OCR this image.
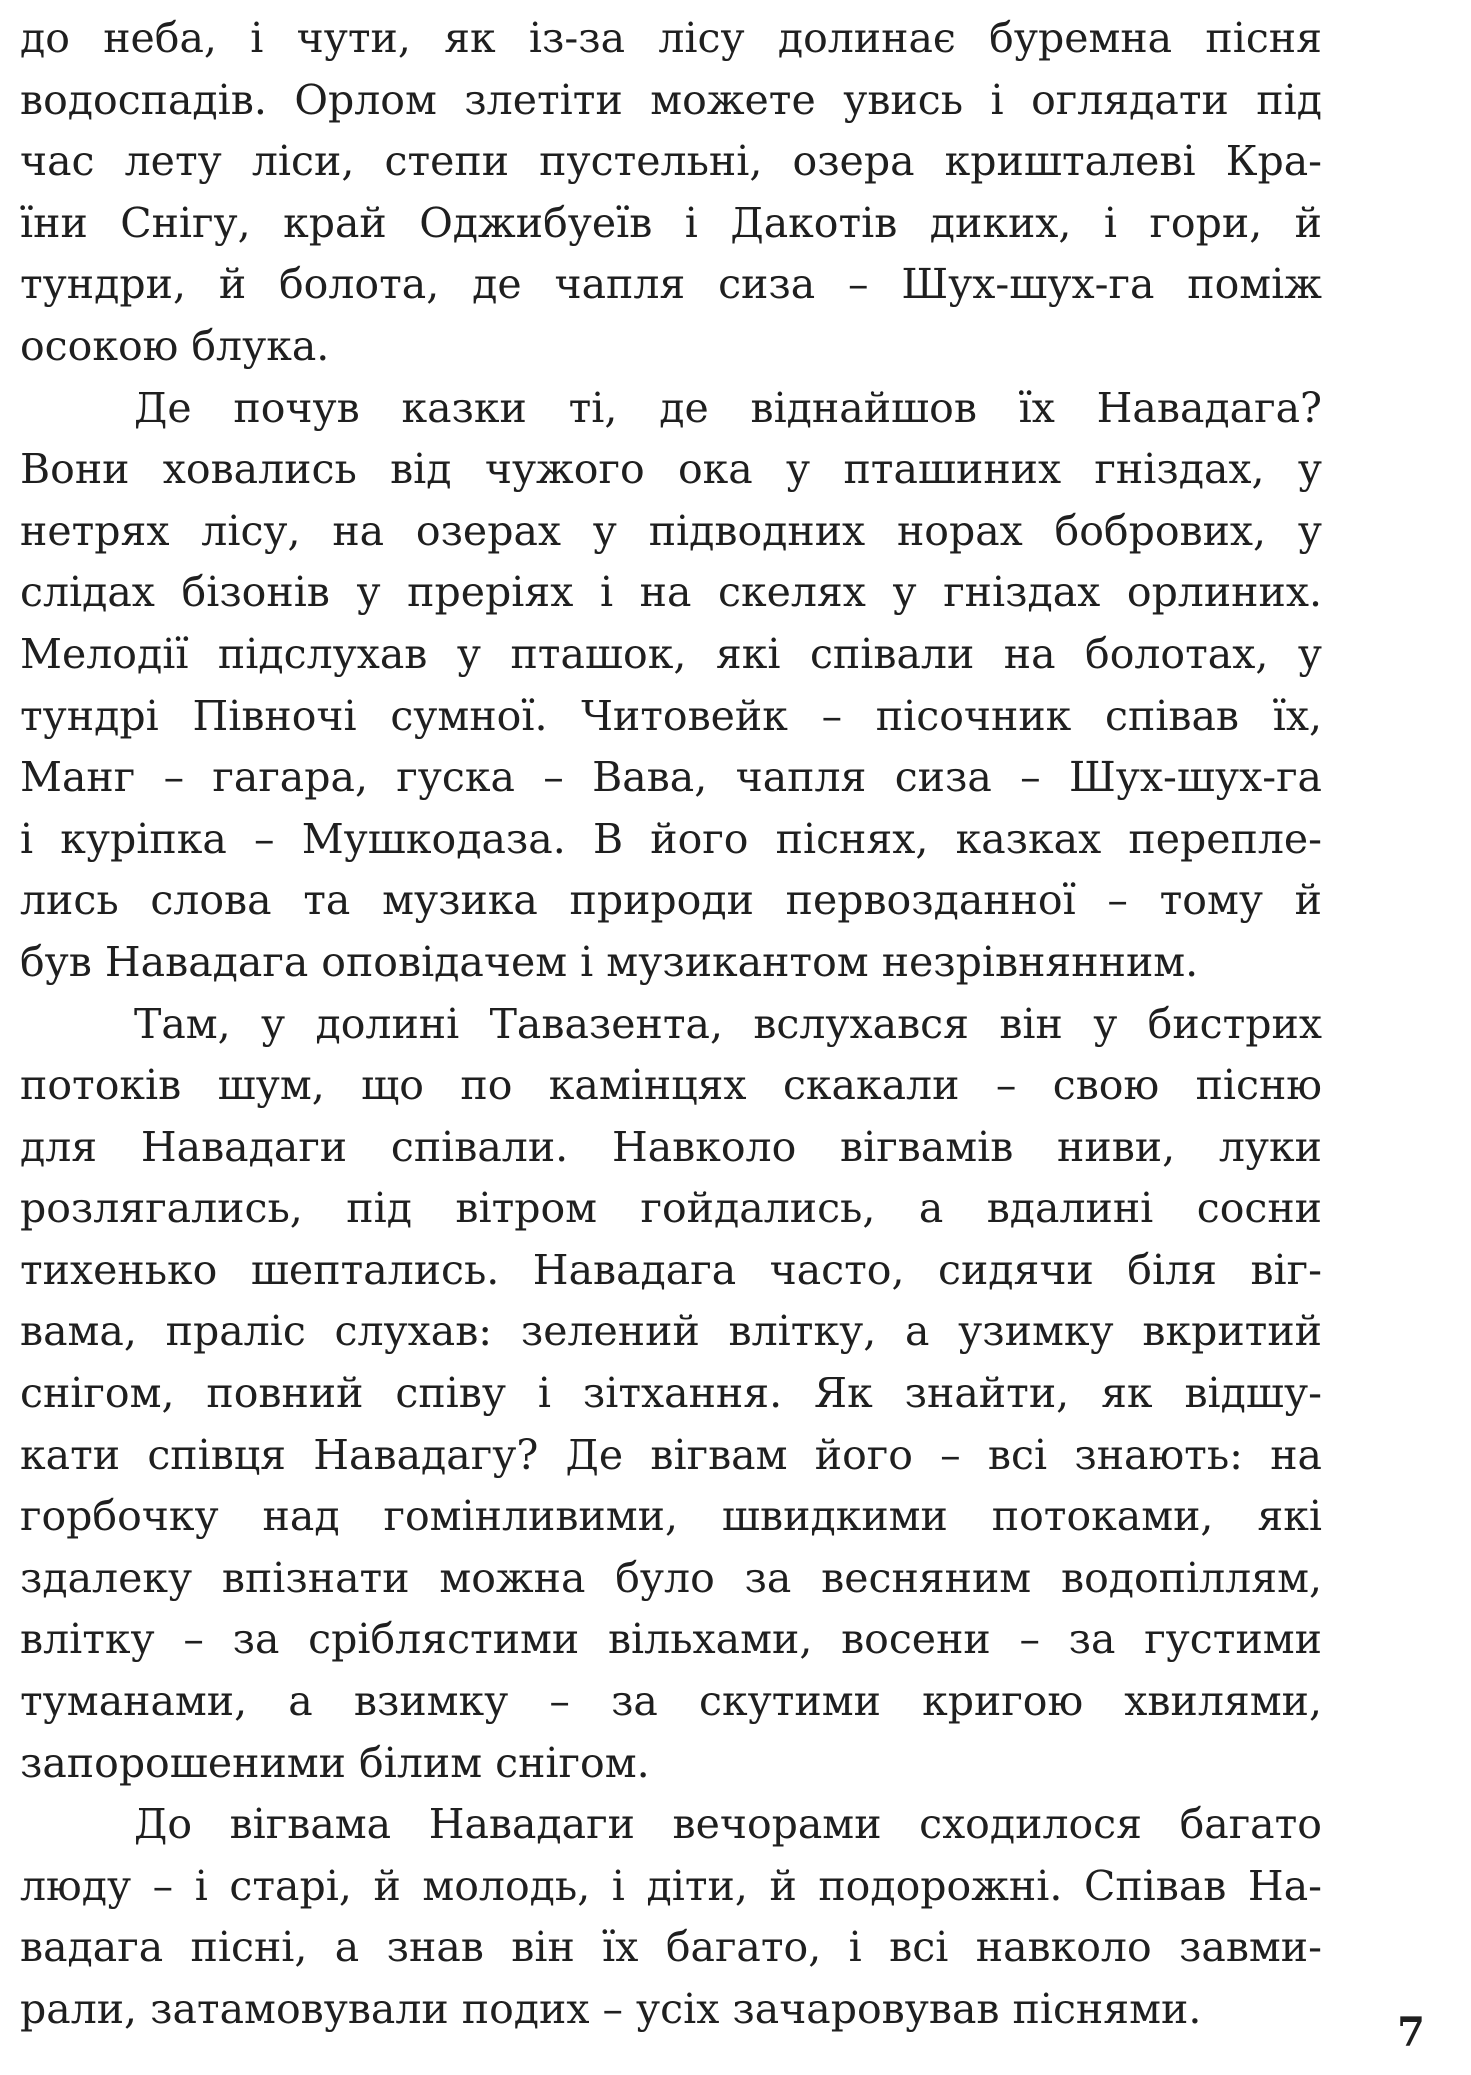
до неба, і чути, як із-за лісу долинає буремна пісня
водоспадів. Орлом злетіти можете увись і оглядати під
час лету ліси, степи пустельні, озера кришталеві Кра-
їни Снігу, край Оджибуеїв і Дакотів диких, і гори, й
тундри, й болота, де чапля сиза – Шух-шух-га поміж
осокою блука.
Де почув казки ті, де віднайшов їх Навадага?
Вони ховались від чужого ока у пташиних гніздах, у
нетрях лісу, на озерах у підводних норах бобрових, у
слідах бізонів у преріях і на скелях у гніздах орлиних.
Мелодії підслухав у пташок, які співали на болотах, у
тундрі Півночі сумної. Читовейк – пісочник співав їх,
Манг – гагара, гуска – Вава, чапля сиза – Шух-шух-га
і куріпка – Мушкодаза. В його піснях, казках перепле-
лись слова та музика природи первозданної – тому й
був Навадага оповідачем і музикантом незрівнянним.
Там, у долині Тавазента, вслухався він у бистрих
потоків шум, що по камінцях скакали – свою пісню
для Навадаги співали. Навколо вігвамів ниви, луки
розлягались, під вітром гойдались, а вдалині сосни
тихенько шептались. Навадага часто, сидячи біля віг-
вама, праліс слухав: зелений влітку, а узимку вкритий
снігом, повний співу і зітхання. Як знайти, як відшу-
кати співця Навадагу? Де вігвам його – всі знають: на
горбочку над гомінливими, швидкими потоками, які
здалеку впізнати можна було за весняним водопіллям,
влітку – за сріблястими вільхами, восени – за густими
туманами, а взимку – за скутими кригою хвилями,
запорошеними білим снігом.
До вігвама Навадаги вечорами сходилося багато
люду – і старі, й молодь, і діти, й подорожні. Співав На-
вадага пісні, а знав він їх багато, і всі навколо завми-
рали, затамовували подих – усіх зачаровував піснями.	7
